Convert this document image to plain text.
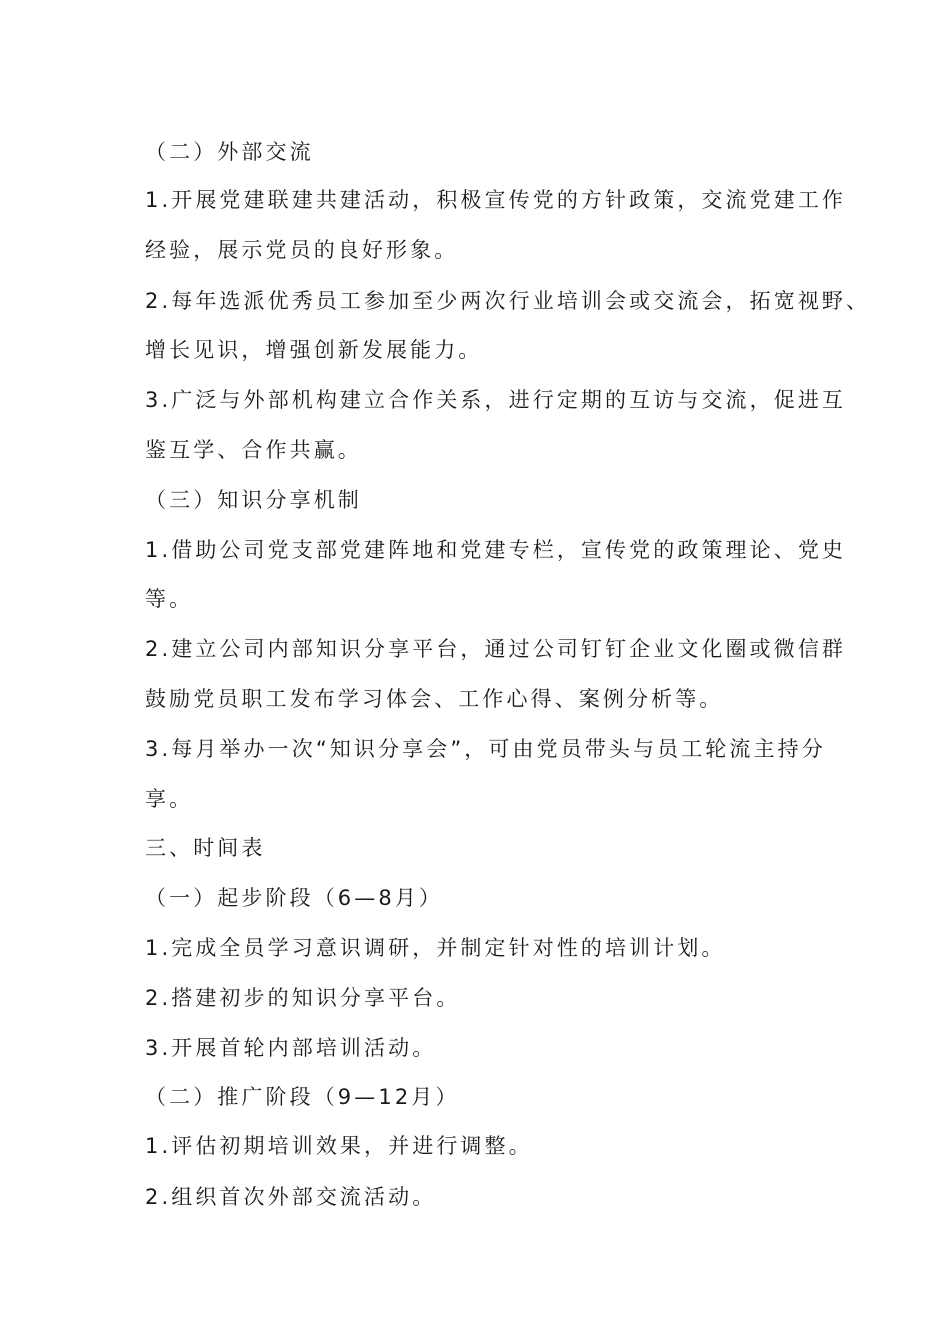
（二）外部交流
1.开展党建联建共建活动，积极宣传党的方针政策，交流党建工作
经验，展示党员的良好形象。
2.每年选派优秀员工参加至少两次行业培训会或交流会，拓宽视野、
增长见识，增强创新发展能力。
3.广泛与外部机构建立合作关系，进行定期的互访与交流，促进互
鉴互学、合作共赢。
（三）知识分享机制
1.借助公司党支部党建阵地和党建专栏，宣传党的政策理论、党史
等。
2.建立公司内部知识分享平台，通过公司钉钉企业文化圈或微信群
鼓励党员职工发布学习体会、工作心得、案例分析等。
3.每月举办一次“知识分享会”，可由党员带头与员工轮流主持分
享。
三、时间表
（一）起步阶段（6—8月）
1.完成全员学习意识调研，并制定针对性的培训计划。
2.搭建初步的知识分享平台。
3.开展首轮内部培训活动。
（二）推广阶段（9—12月）
1.评估初期培训效果，并进行调整。
2.组织首次外部交流活动。
